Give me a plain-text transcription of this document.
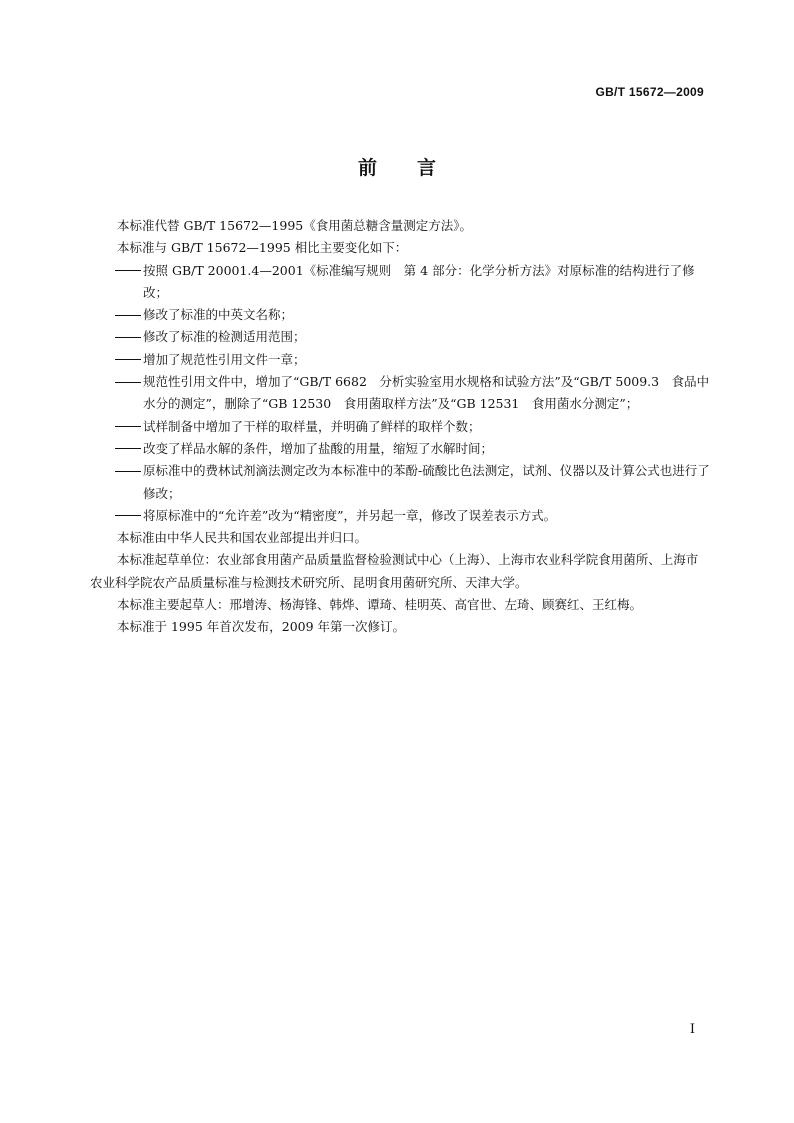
GB/T 15672—2009
前言

本标准代替 GB/T 15672—1995《食用菌总糖含量测定方法》。

本标准与 GB/T 15672—1995 相比主要变化如下：

按照 GB/T 20001.4—2001《标准编写规则　第 4 部分：化学分析方法》对原标准的结构进行了修改；

修改了标准的中英文名称；

修改了标准的检测适用范围；

增加了规范性引用文件一章；

规范性引用文件中，增加了“GB/T 6682　分析实验室用水规格和试验方法”及“GB/T 5009.3　食品中水分的测定”，删除了“GB 12530　食用菌取样方法”及“GB 12531　食用菌水分测定”；

试样制备中增加了干样的取样量，并明确了鲜样的取样个数；

改变了样品水解的条件，增加了盐酸的用量，缩短了水解时间；

原标准中的费林试剂滴法测定改为本标准中的苯酚-硫酸比色法测定，试剂、仪器以及计算公式也进行了修改；

将原标准中的“允许差”改为“精密度”，并另起一章，修改了误差表示方式。

本标准由中华人民共和国农业部提出并归口。

本标准起草单位：农业部食用菌产品质量监督检验测试中心（上海）、上海市农业科学院食用菌所、上海市农业科学院农产品质量标准与检测技术研究所、昆明食用菌研究所、天津大学。

本标准主要起草人：邢增涛、杨海锋、韩烨、谭琦、桂明英、高官世、左琦、顾赛红、王红梅。

本标准于 1995 年首次发布，2009 年第一次修订。

I
